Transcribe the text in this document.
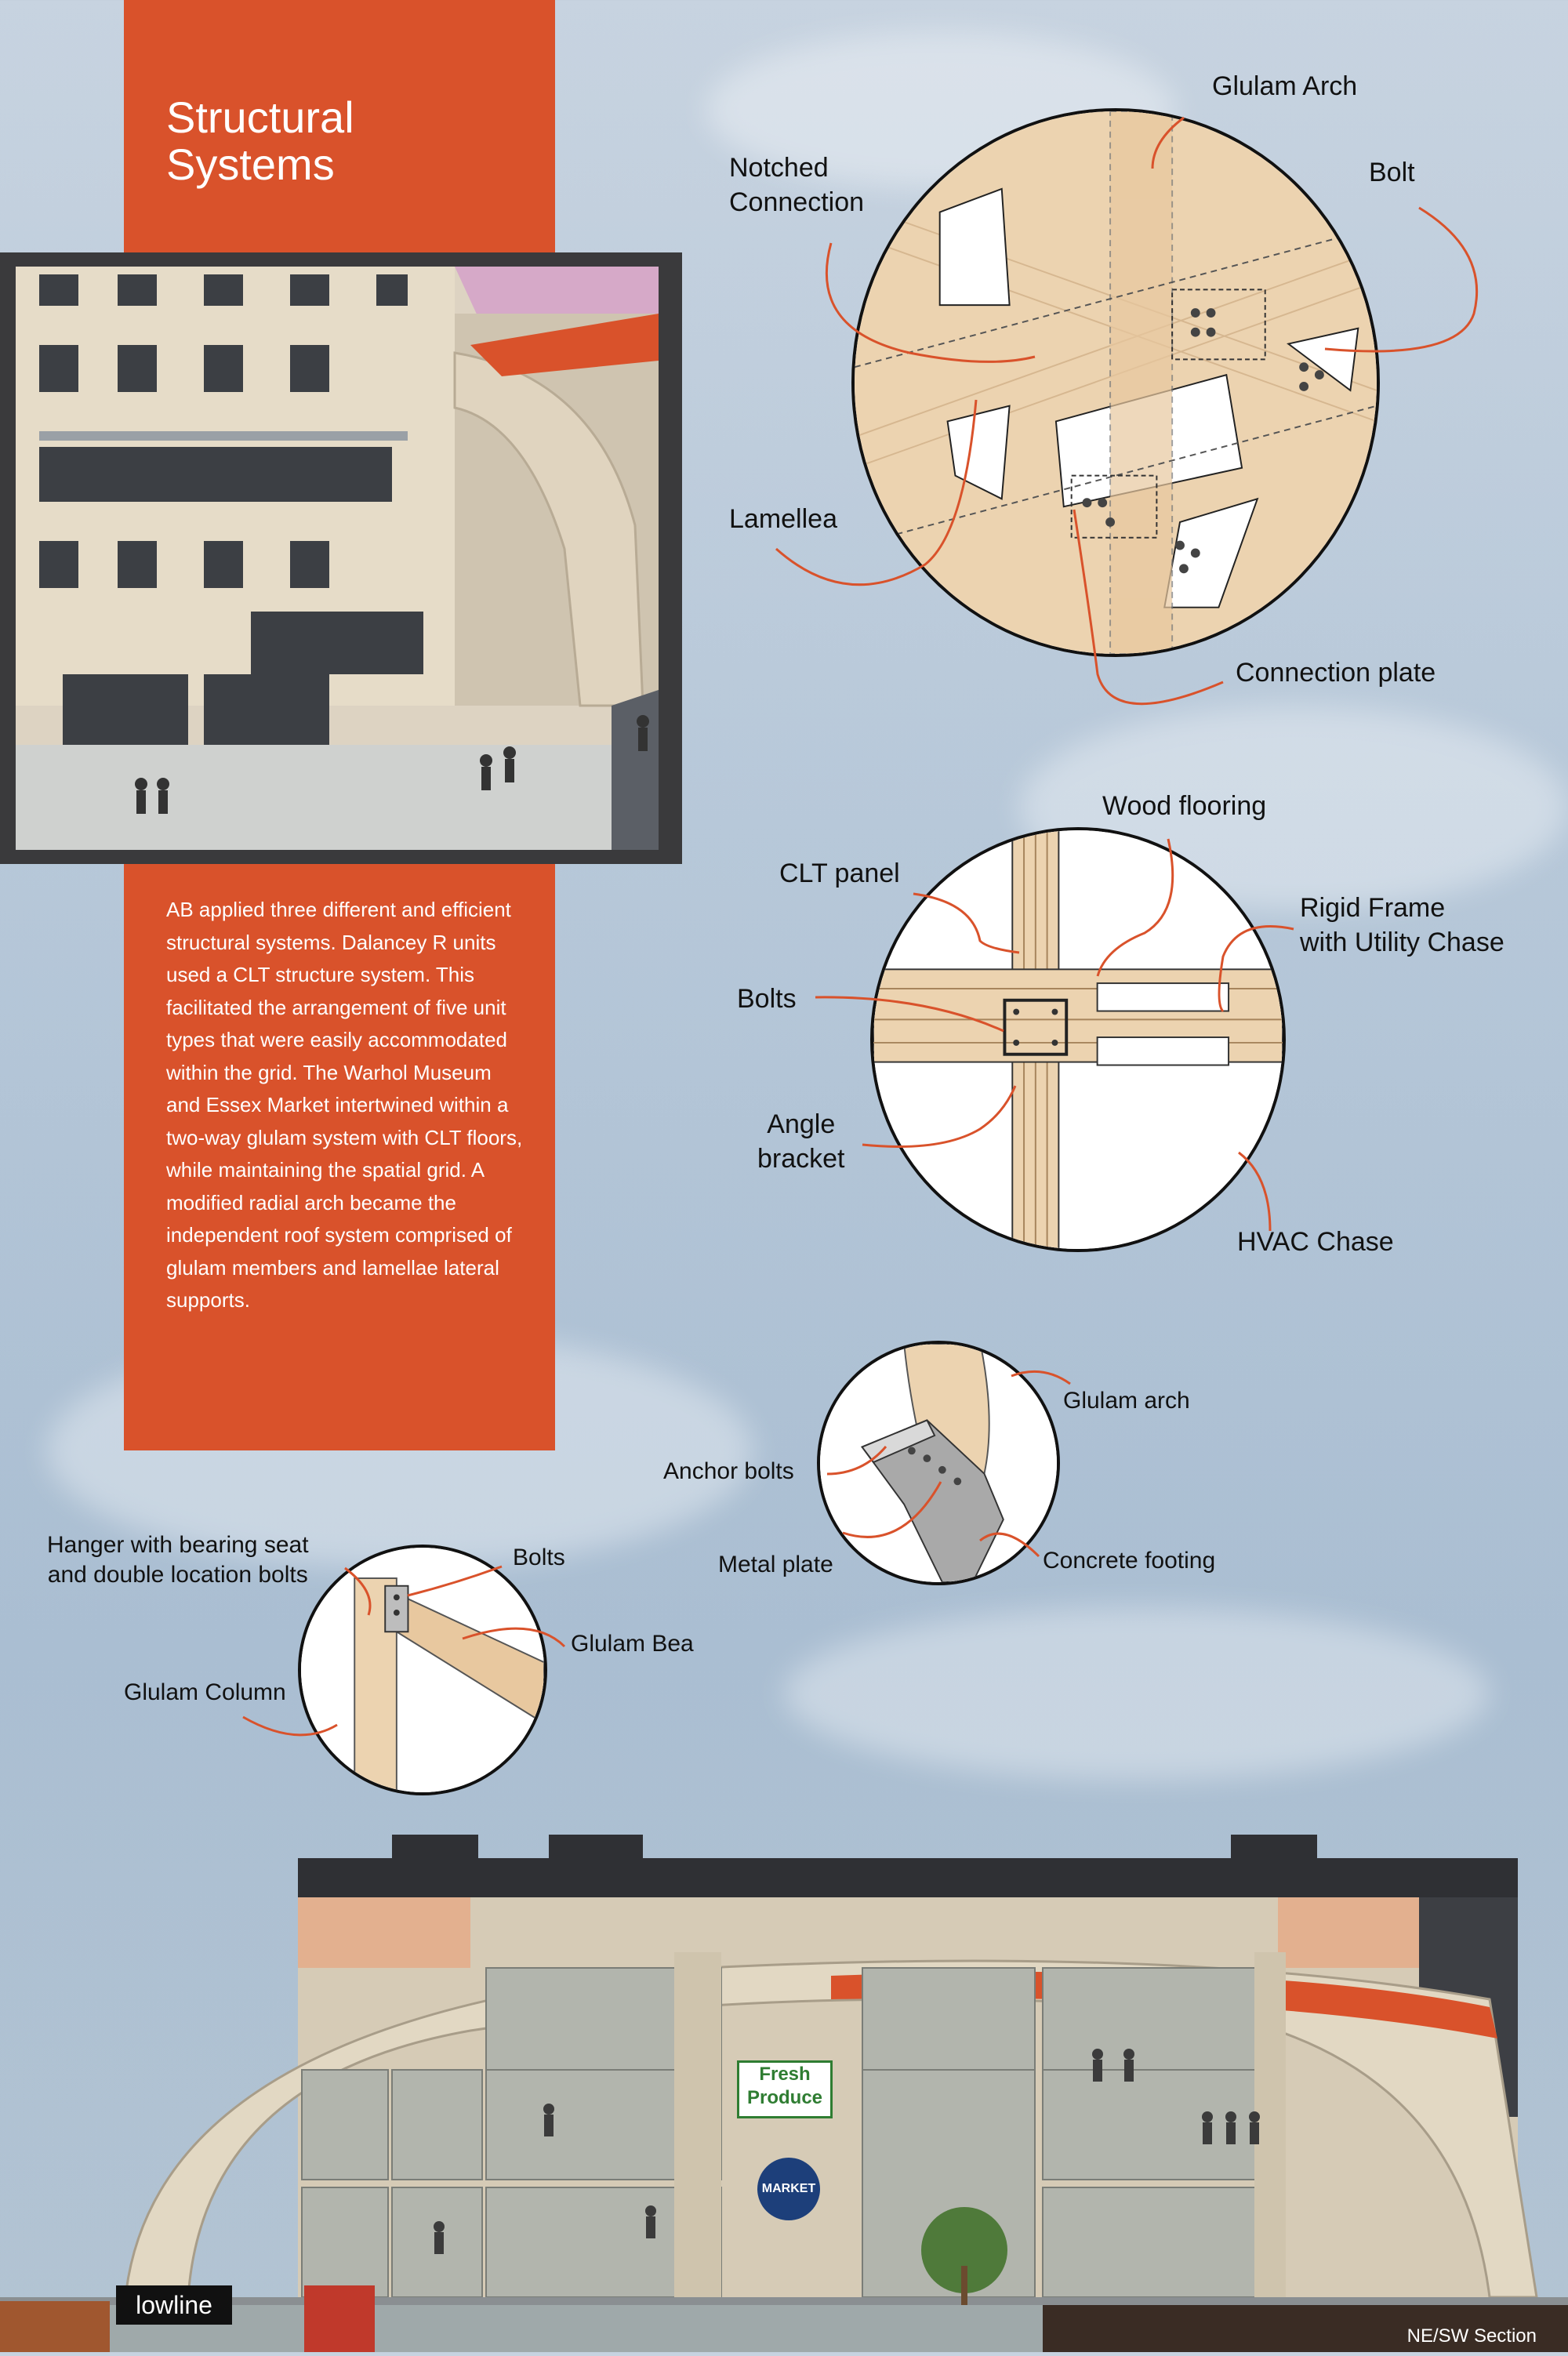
Structural
Systems
AB applied three different and efficient structural systems. Dalancey R units used a CLT structure system. This facilitated the arrangement of five unit types that were easily accommodated within the grid. The Warhol Museum and Essex Market intertwined within a two-way glulam system with CLT floors, while maintaining the spatial grid. A modified radial arch became the independent roof system comprised of glulam members and lamellae lateral supports.
Glulam Arch
Notched
Connection
Bolt
Lamellea
Connection plate
Wood flooring
CLT panel
Rigid Frame
with Utility Chase
Bolts
Angle
bracket
HVAC Chase
Glulam arch
Anchor bolts
Metal plate	Concrete footing
Hanger with bearing seat
and double location bolts
Bolts
Glulam Bea
Glulam Column
NE/SW Section
Fresh
Produce
MARKET
lowline
